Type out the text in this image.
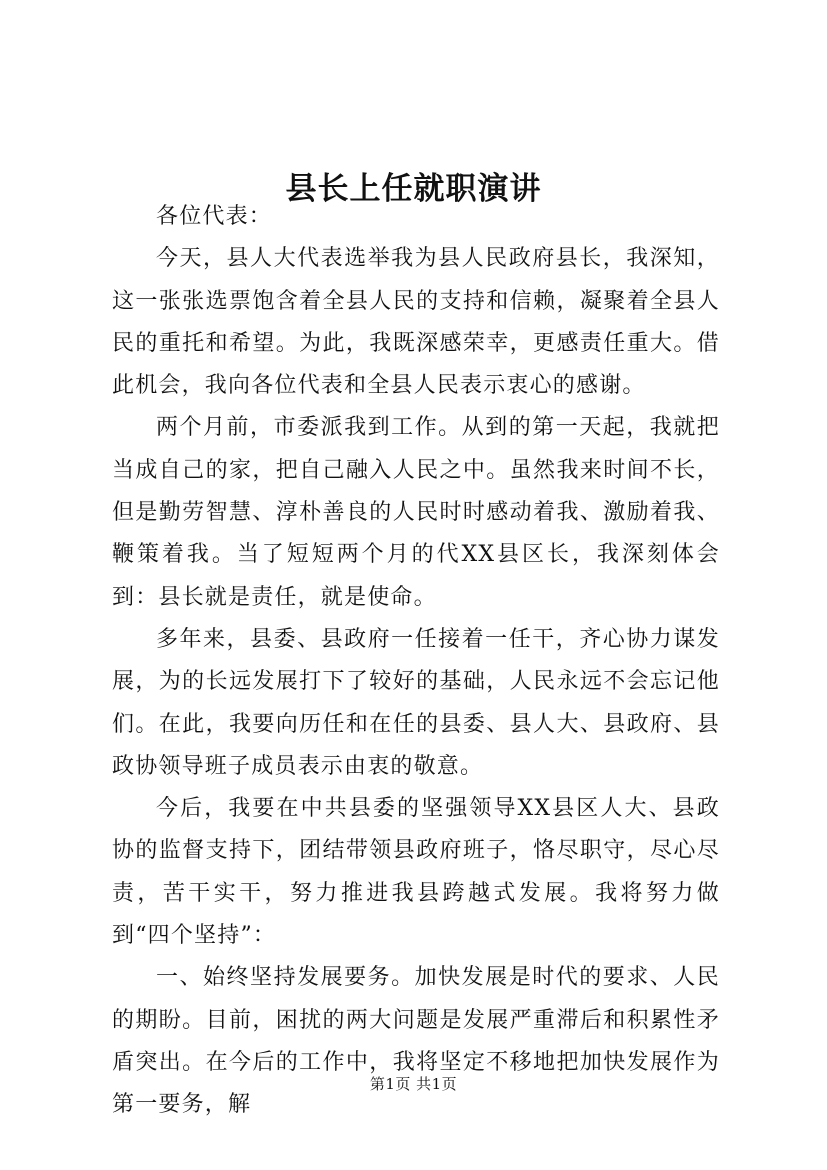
县长上任就职演讲

各位代表：

今天，县人大代表选举我为县人民政府县长，我深知，这一张张选票饱含着全县人民的支持和信赖，凝聚着全县人民的重托和希望。为此，我既深感荣幸，更感责任重大。借此机会，我向各位代表和全县人民表示衷心的感谢。

两个月前，市委派我到工作。从到的第一天起，我就把当成自己的家，把自己融入人民之中。虽然我来时间不长，但是勤劳智慧、淳朴善良的人民时时感动着我、激励着我、鞭策着我。当了短短两个月的代XX县区长，我深刻体会到：县长就是责任，就是使命。

多年来，县委、县政府一任接着一任干，齐心协力谋发展，为的长远发展打下了较好的基础，人民永远不会忘记他们。在此，我要向历任和在任的县委、县人大、县政府、县政协领导班子成员表示由衷的敬意。

今后，我要在中共县委的坚强领导XX县区人大、县政协的监督支持下，团结带领县政府班子，恪尽职守，尽心尽责，苦干实干，努力推进我县跨越式发展。我将努力做到“四个坚持”：

一、始终坚持发展要务。加快发展是时代的要求、人民的期盼。目前，困扰的两大问题是发展严重滞后和积累性矛盾突出。在今后的工作中，我将坚定不移地把加快发展作为第一要务，解

第1页 共1页
